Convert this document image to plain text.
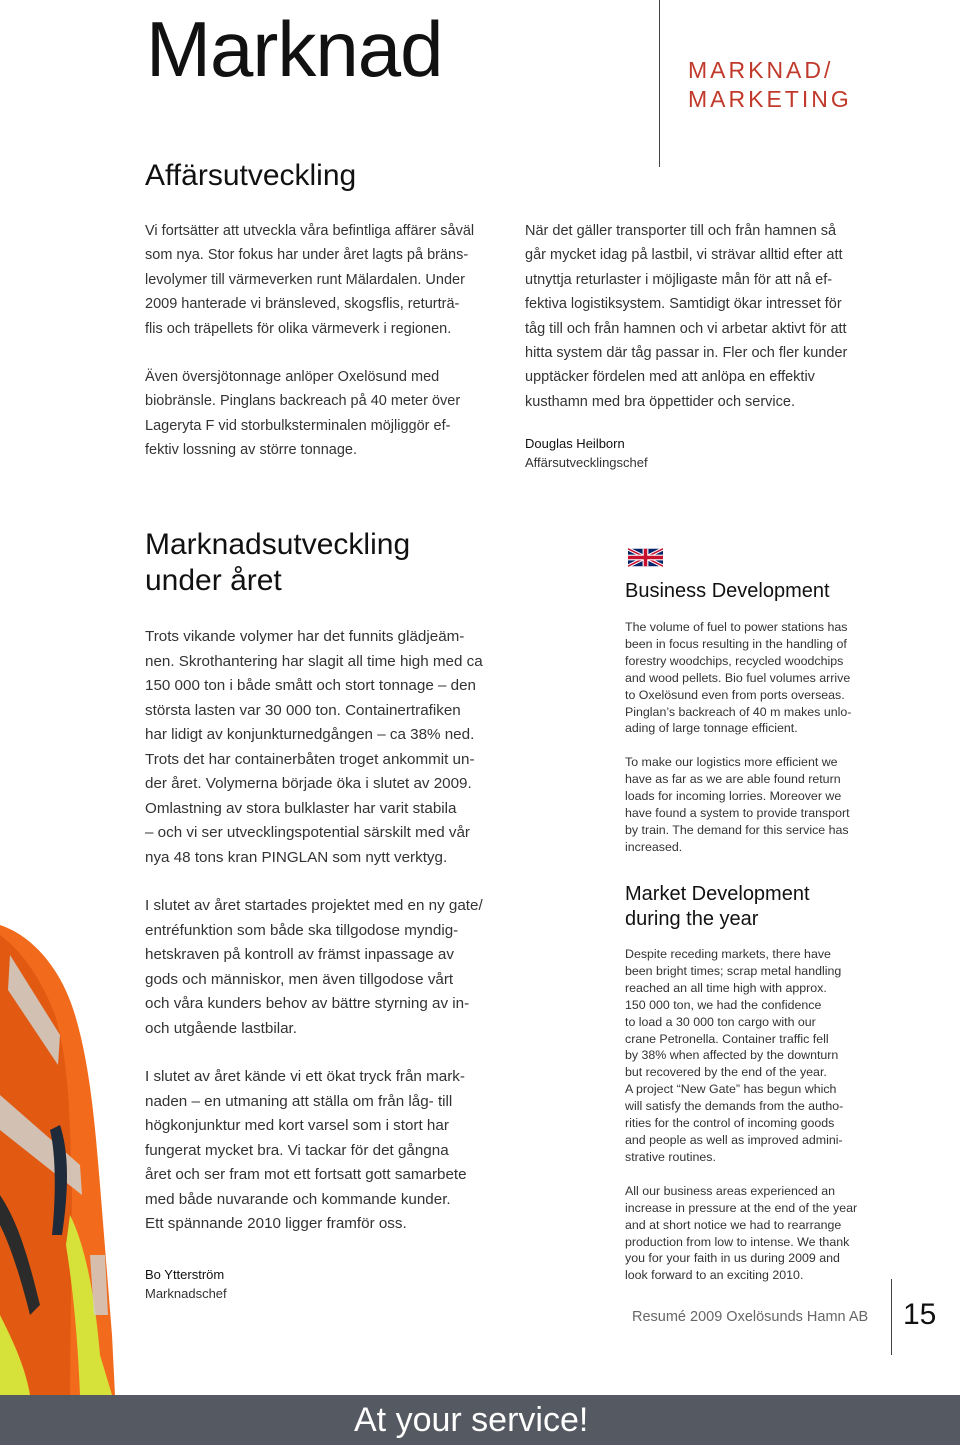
Marknad	MARKNAD/
MARKETING
Affärsutveckling

Vi fortsätter att utveckla våra befintliga affärer såväl
som nya. Stor fokus har under året lagts på bräns-
levolymer till värmeverken runt Mälardalen. Under
2009 hanterade vi bränsleved, skogsflis, returträ-
flis och träpellets för olika värmeverk i regionen.

Även översjötonnage anlöper Oxelösund med
biobränsle. Pinglans backreach på 40 meter över
Lageryta F vid storbulksterminalen möjliggör ef-
fektiv lossning av större tonnage.

När det gäller transporter till och från hamnen så
går mycket idag på lastbil, vi strävar alltid efter att
utnyttja returlaster i möjligaste mån för att nå ef-
fektiva logistiksystem. Samtidigt ökar intresset för
tåg till och från hamnen och vi arbetar aktivt för att
hitta system där tåg passar in. Fler och fler kunder
upptäcker fördelen med att anlöpa en effektiv
kusthamn med bra öppettider och service.

Douglas Heilborn
Affärsutvecklingschef
Marknadsutveckling
under året

Trots vikande volymer har det funnits glädjeäm-
nen. Skrothantering har slagit all time high med ca
150 000 ton i både smått och stort tonnage – den
största lasten var 30 000 ton. Containertrafiken
har lidigt av konjunkturnedgången – ca 38% ned.
Trots det har containerbåten troget ankommit un-
der året. Volymerna började öka i slutet av 2009.
Omlastning av stora bulklaster har varit stabila
– och vi ser utvecklingspotential särskilt med vår
nya 48 tons kran PINGLAN som nytt verktyg.

I slutet av året startades projektet med en ny gate/
entréfunktion som både ska tillgodose myndig-
hetskraven på kontroll av främst inpassage av
gods och människor, men även tillgodose vårt
och våra kunders behov av bättre styrning av in-
och utgående lastbilar.

I slutet av året kände vi ett ökat tryck från mark-
naden – en utmaning att ställa om från låg- till
högkonjunktur med kort varsel som i stort har
fungerat mycket bra. Vi tackar för det gångna
året och ser fram mot ett fortsatt gott samarbete
med både nuvarande och kommande kunder.
Ett spännande 2010 ligger framför oss.

Bo Ytterström
Marknadschef
Business Development

The volume of fuel to power stations has
been in focus resulting in the handling of
forestry woodchips, recycled woodchips
and wood pellets. Bio fuel volumes arrive
to Oxelösund even from ports overseas.
Pinglan’s backreach of 40 m makes unlo-
ading of large tonnage efficient.

To make our logistics more efficient we
have as far as we are able found return
loads for incoming lorries. Moreover we
have found a system to provide transport
by train. The demand for this service has
increased.

Market Development
during the year

Despite receding markets, there have
been bright times; scrap metal handling
reached an all time high with approx.
150 000 ton, we had the confidence
to load a 30 000 ton cargo with our
crane Petronella. Container traffic fell
by 38% when affected by the downturn
but recovered by the end of the year.
A project “New Gate” has begun which
will satisfy the demands from the autho-
rities for the control of incoming goods
and people as well as improved admini-
strative routines.

All our business areas experienced an
increase in pressure at the end of the year
and at short notice we had to rearrange
production from low to intense. We thank
you for your faith in us during 2009 and
look forward to an exciting 2010.

Resumé 2009 Oxelösunds Hamn AB 15
At your service!
